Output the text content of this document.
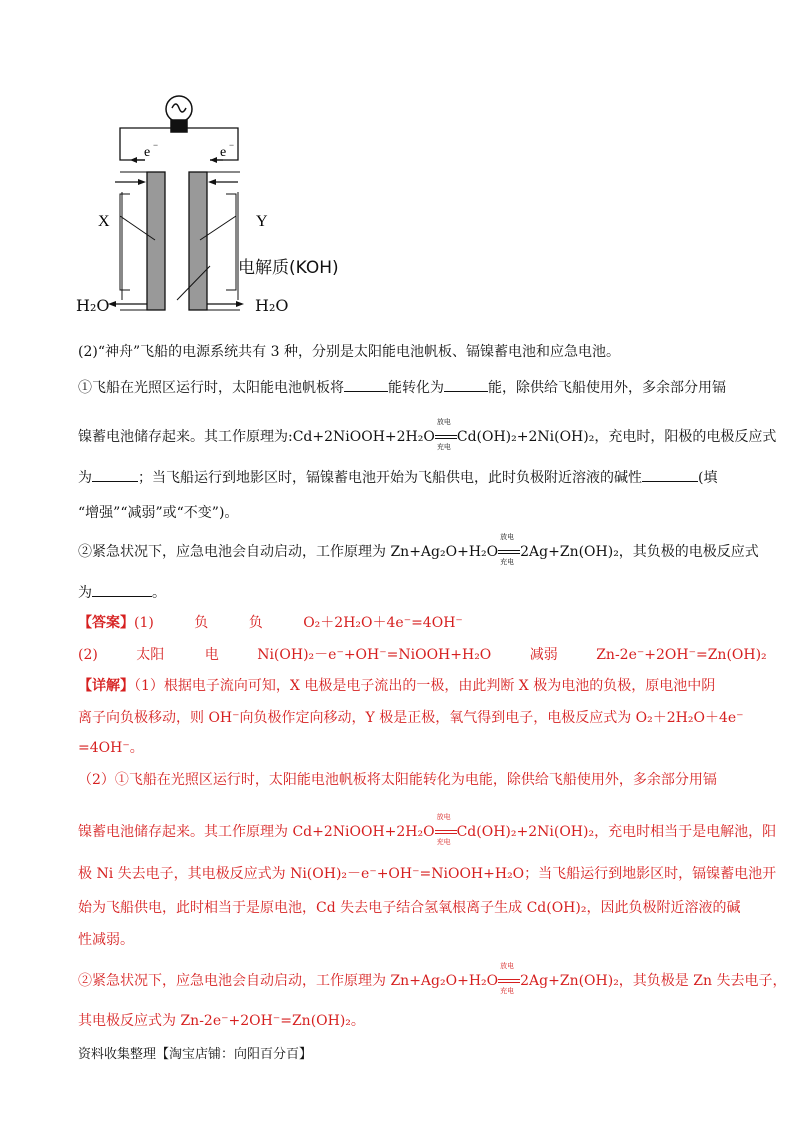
e −	e −
X	Y
电解质(KOH)
H₂O	H₂O
(2)“神舟”飞船的电源系统共有 3 种，分别是太阳能电池帆板、镉镍蓄电池和应急电池。
①飞船在光照区运行时，太阳能电池帆板将	能转化为	能，除供给飞船使用外，多余部分用镉
镍蓄电池储存起来。其工作原理为:Cd+2NiOOH+2H₂O
放电
充电
Cd(OH)₂+2Ni(OH)₂，充电时，阳极的电极反应式
为	；当飞船运行到地影区时，镉镍蓄电池开始为飞船供电，此时负极附近溶液的碱性	(填
“增强”“减弱”或“不变”)。
②紧急状况下，应急电池会自动启动，工作原理为 Zn+Ag₂O+H₂O
放电
充电
2Ag+Zn(OH)₂，其负极的电极反应式
为	。
【答案】(1)	负	负	O₂＋2H₂O＋4e⁻=4OH⁻
(2)	太阳	电	Ni(OH)₂－e⁻+OH⁻=NiOOH+H₂O	减弱	Zn-2e⁻+2OH⁻=Zn(OH)₂
【详解】（1）根据电子流向可知，X 电极是电子流出的一极，由此判断 X 极为电池的负极，原电池中阴
离子向负极移动，则 OH⁻向负极作定向移动，Y 极是正极，氧气得到电子，电极反应式为 O₂＋2H₂O＋4e⁻
=4OH⁻。
（2）①飞船在光照区运行时，太阳能电池帆板将太阳能转化为电能，除供给飞船使用外，多余部分用镉
镍蓄电池储存起来。其工作原理为 Cd+2NiOOH+2H₂O
放电
充电
Cd(OH)₂+2Ni(OH)₂，充电时相当于是电解池，阳
极 Ni 失去电子，其电极反应式为 Ni(OH)₂－e⁻+OH⁻=NiOOH+H₂O；当飞船运行到地影区时，镉镍蓄电池开
始为飞船供电，此时相当于是原电池，Cd 失去电子结合氢氧根离子生成 Cd(OH)₂，因此负极附近溶液的碱
性减弱。
②紧急状况下，应急电池会自动启动，工作原理为 Zn+Ag₂O+H₂O
放电
充电
2Ag+Zn(OH)₂，其负极是 Zn 失去电子，
其电极反应式为 Zn-2e⁻+2OH⁻=Zn(OH)₂。
资料收集整理【淘宝店铺：向阳百分百】
